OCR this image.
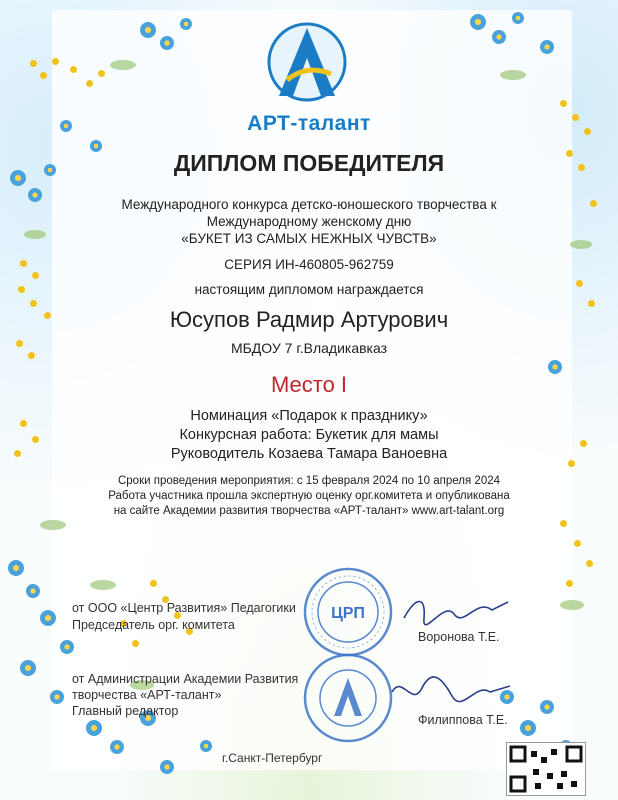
АРТ-талант
ДИПЛОМ ПОБЕДИТЕЛЯ
Международного конкурса детско-юношеского творчества к
Международному женскому дню
«БУКЕТ ИЗ САМЫХ НЕЖНЫХ ЧУВСТВ»
СЕРИЯ ИН-460805-962759
настоящим дипломом награждается
Юсупов Радмир Артурович
МБДОУ 7 г.Владикавказ
Место I
Номинация «Подарок к празднику»
Конкурсная работа: Букетик для мамы
Руководитель Козаева Тамара Ваноевна
Сроки проведения мероприятия: с 15 февраля 2024 по 10 апреля 2024
Работа участника прошла экспертную оценку орг.комитета и опубликована
на сайте Академии развития творчества «АРТ-талант» www.art-talant.org
от ООО «Центр Развития» Педагогики
Председатель орг. комитета
Воронова Т.Е.
от Администрации Академии Развития
творчества «АРТ-талант»
Главный редактор
Филиппова Т.Е.
ЦРП
г.Санкт-Петербург
